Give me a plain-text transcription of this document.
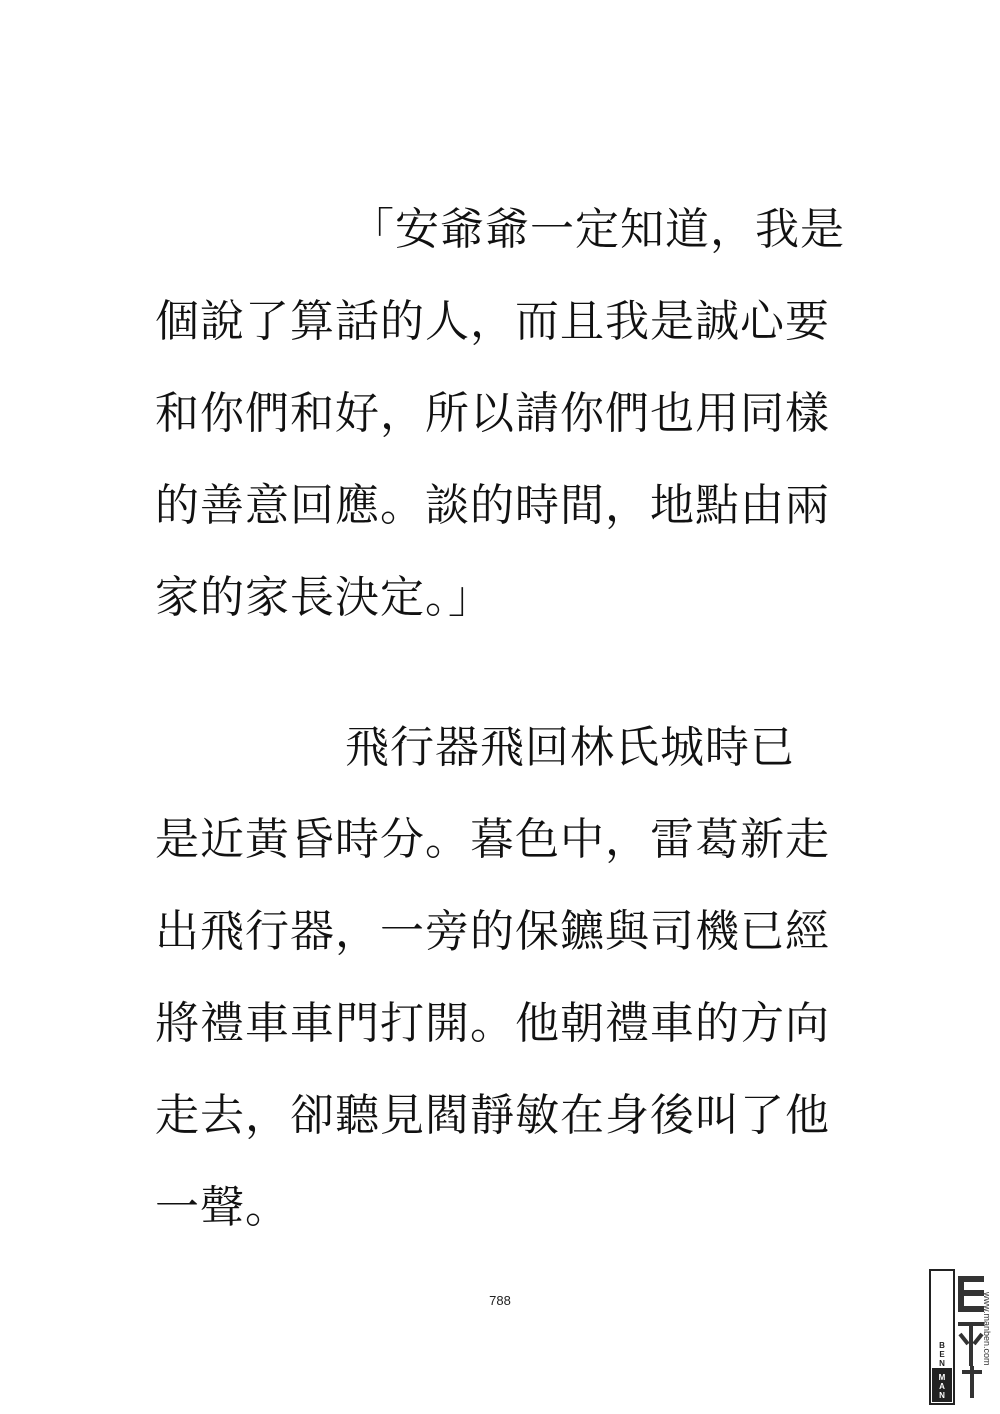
「安爺爺一定知道，我是
個說了算話的人，而且我是誠心要
和你們和好，所以請你們也用同樣
的善意回應。談的時間，地點由兩
家的家長決定。」
飛行器飛回林氏城時已
是近黃昏時分。暮色中，雷葛新走
出飛行器，一旁的保鑣與司機已經
將禮車車門打開。他朝禮車的方向
走去，卻聽見閻靜敏在身後叫了他
一聲。
788
M
A
N
B
E
N	www.manben.com
